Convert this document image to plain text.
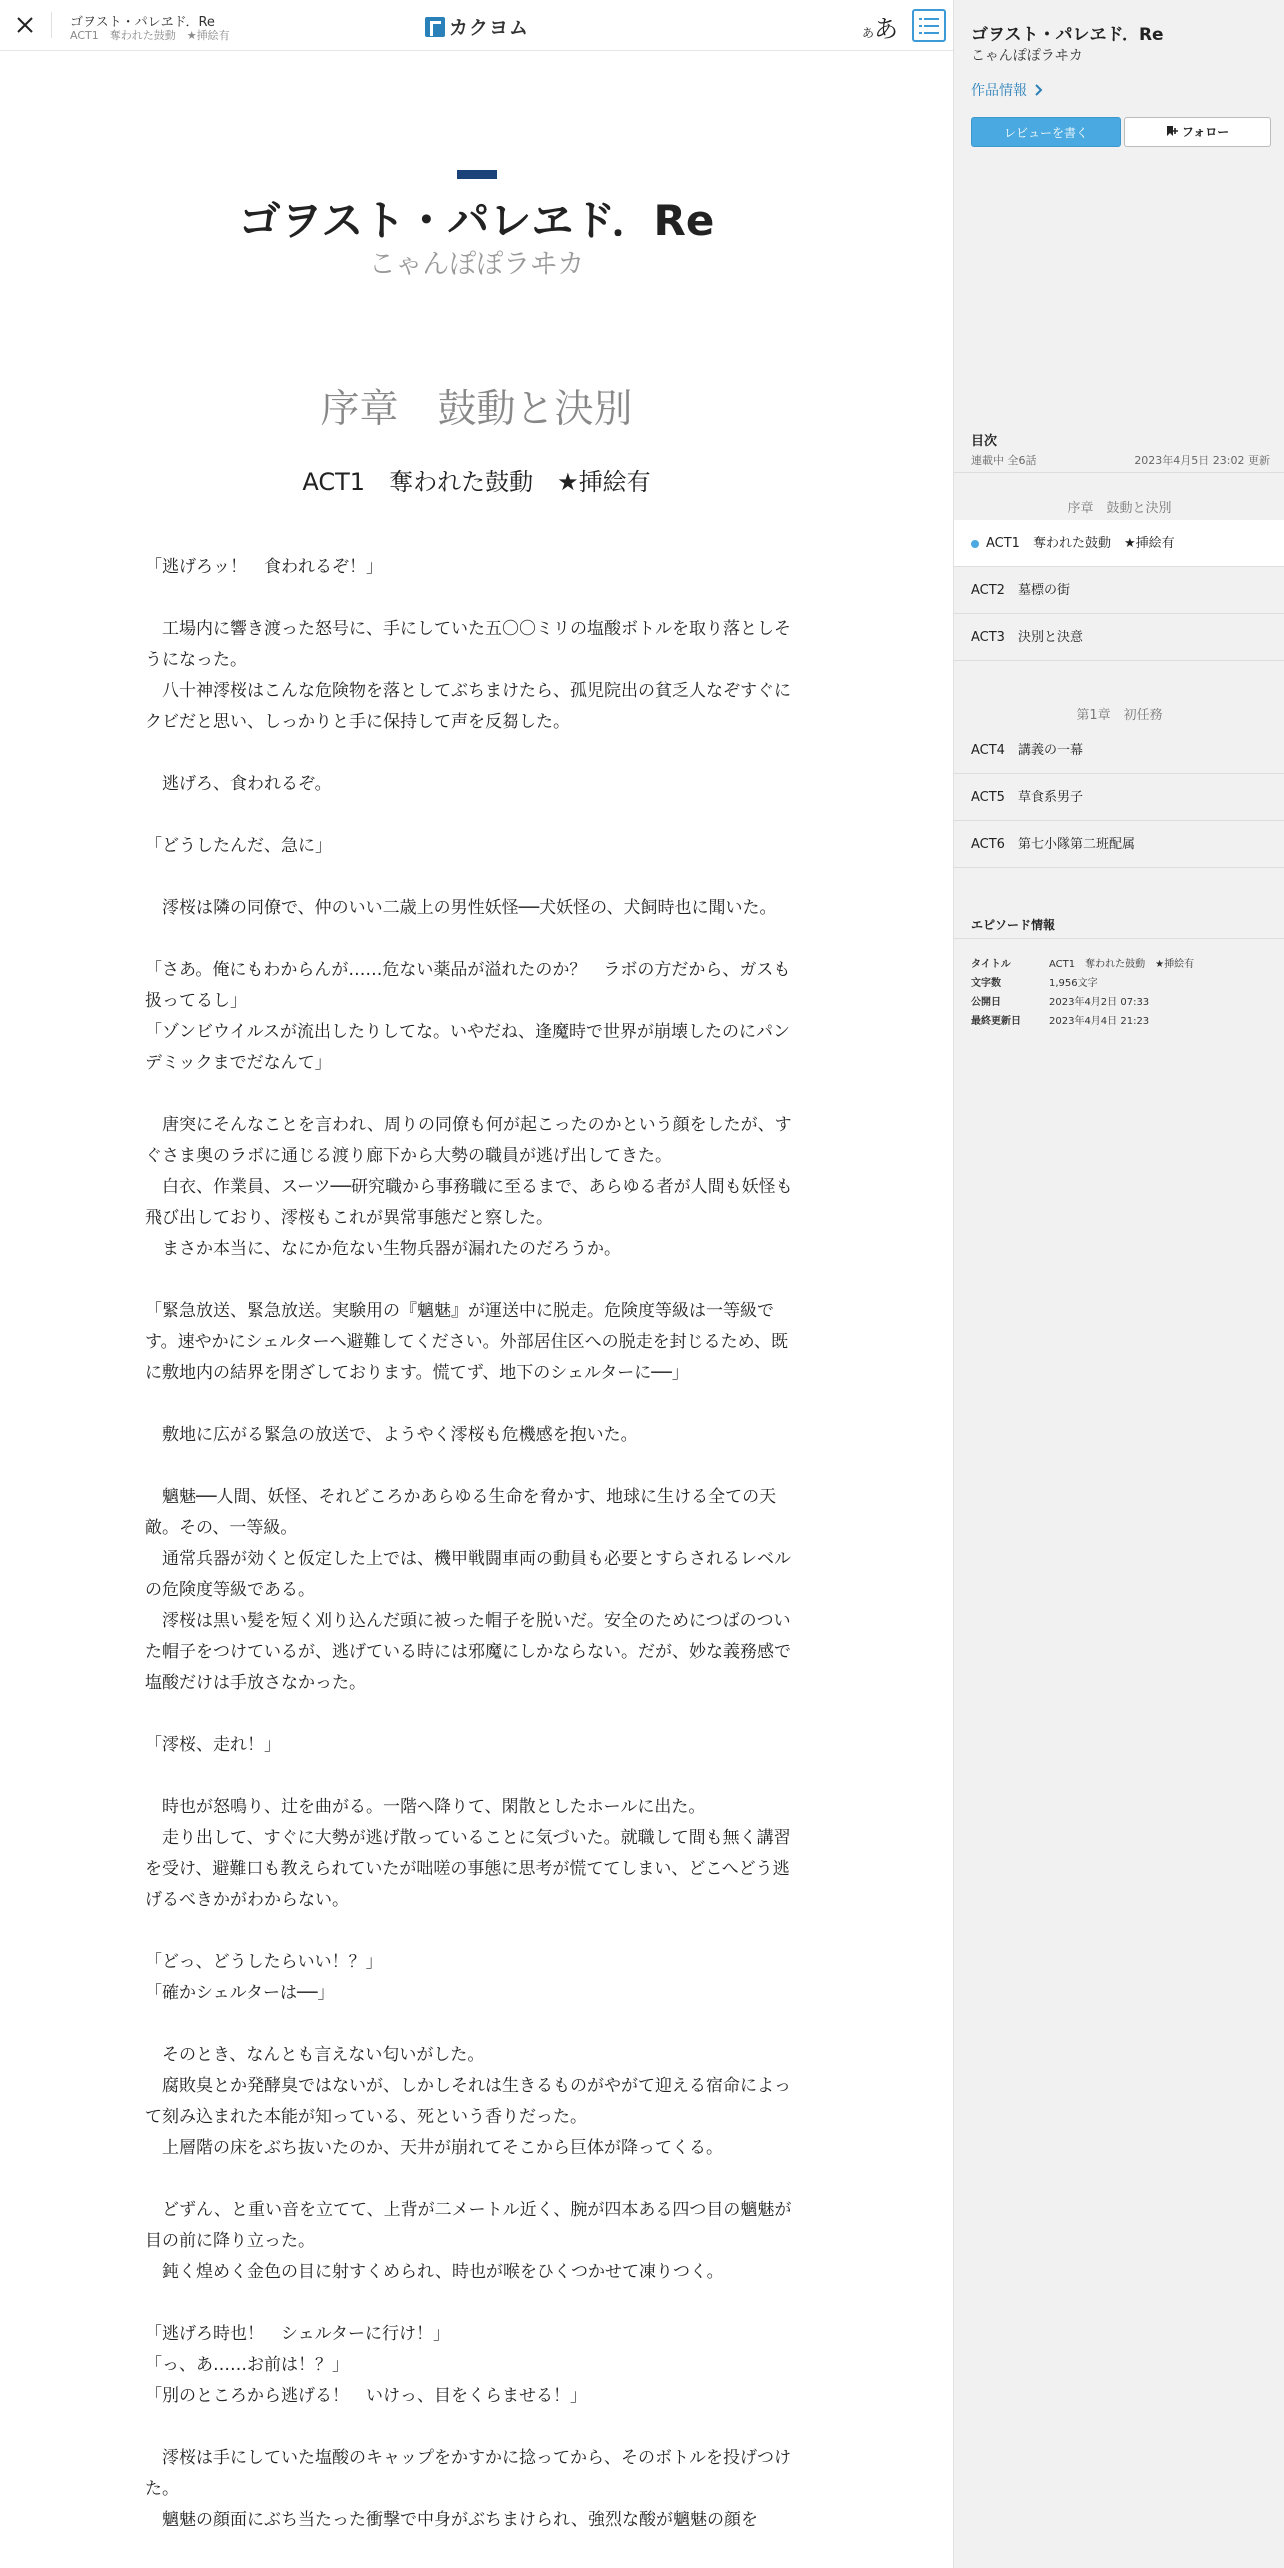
ゴヲスト・パレヱド．Re
ACT1　奪われた鼓動　★挿絵有	カクヨム	ああ
ゴヲスト・パレヱド．Re
こゃんぽぽラヰカ
序章　鼓動と決別
ACT1　奪われた鼓動　★挿絵有

「逃げろッ！　食われるぞ！」

　工場内に響き渡った怒号に、手にしていた五〇〇ミリの塩酸ボトルを取り落としそうになった。

　八十神澪桜はこんな危険物を落としてぶちまけたら、孤児院出の貧乏人なぞすぐにクビだと思い、しっかりと手に保持して声を反芻した。

　逃げろ、食われるぞ。

「どうしたんだ、急に」

　澪桜は隣の同僚で、仲のいい二歳上の男性妖怪──犬妖怪の、犬飼時也に聞いた。

「さあ。俺にもわからんが……危ない薬品が溢れたのか？　ラボの方だから、ガスも扱ってるし」

「ゾンビウイルスが流出したりしてな。いやだね、逢魔時で世界が崩壊したのにパンデミックまでだなんて」

　唐突にそんなことを言われ、周りの同僚も何が起こったのかという顔をしたが、すぐさま奥のラボに通じる渡り廊下から大勢の職員が逃げ出してきた。

　白衣、作業員、スーツ──研究職から事務職に至るまで、あらゆる者が人間も妖怪も飛び出しており、澪桜もこれが異常事態だと察した。

　まさか本当に、なにか危ない生物兵器が漏れたのだろうか。

「緊急放送、緊急放送。実験用の『魑魅』が運送中に脱走。危険度等級は一等級です。速やかにシェルターへ避難してください。外部居住区への脱走を封じるため、既に敷地内の結界を閉ざしております。慌てず、地下のシェルターに──」

　敷地に広がる緊急の放送で、ようやく澪桜も危機感を抱いた。

　魑魅──人間、妖怪、それどころかあらゆる生命を脅かす、地球に生ける全ての天敵。その、一等級。

　通常兵器が効くと仮定した上では、機甲戦闘車両の動員も必要とすらされるレベルの危険度等級である。

　澪桜は黒い髪を短く刈り込んだ頭に被った帽子を脱いだ。安全のためにつばのついた帽子をつけているが、逃げている時には邪魔にしかならない。だが、妙な義務感で塩酸だけは手放さなかった。

「澪桜、走れ！」

　時也が怒鳴り、辻を曲がる。一階へ降りて、閑散としたホールに出た。

　走り出して、すぐに大勢が逃げ散っていることに気づいた。就職して間も無く講習を受け、避難口も教えられていたが咄嗟の事態に思考が慌ててしまい、どこへどう逃げるべきかがわからない。

「どっ、どうしたらいい！？」

「確かシェルターは──」

　そのとき、なんとも言えない匂いがした。

　腐敗臭とか発酵臭ではないが、しかしそれは生きるものがやがて迎える宿命によって刻み込まれた本能が知っている、死という香りだった。

　上層階の床をぶち抜いたのか、天井が崩れてそこから巨体が降ってくる。

　どずん、と重い音を立てて、上背が二メートル近く、腕が四本ある四つ目の魑魅が目の前に降り立った。

　鈍く煌めく金色の目に射すくめられ、時也が喉をひくつかせて凍りつく。

「逃げろ時也！　シェルターに行け！」

「っ、あ……お前は！？」

「別のところから逃げる！　いけっ、目をくらませる！」

　澪桜は手にしていた塩酸のキャップをかすかに捻ってから、そのボトルを投げつけた。

　魑魅の顔面にぶち当たった衝撃で中身がぶちまけられ、強烈な酸が魑魅の顔を

ゴヲスト・パレヱド．Re
こゃんぽぽラヰカ
作品情報
レビューを書く	フォロー
目次
連載中 全6話	2023年4月5日 23:02 更新
序章　鼓動と決別
ACT1　奪われた鼓動　★挿絵有
ACT2　墓標の街
ACT3　決別と決意
第1章　初任務
ACT4　講義の一幕
ACT5　草食系男子
ACT6　第七小隊第二班配属
エピソード情報
タイトル	ACT1　奪われた鼓動　★挿絵有
文字数	1,956文字
公開日	2023年4月2日 07:33
最終更新日	2023年4月4日 21:23
